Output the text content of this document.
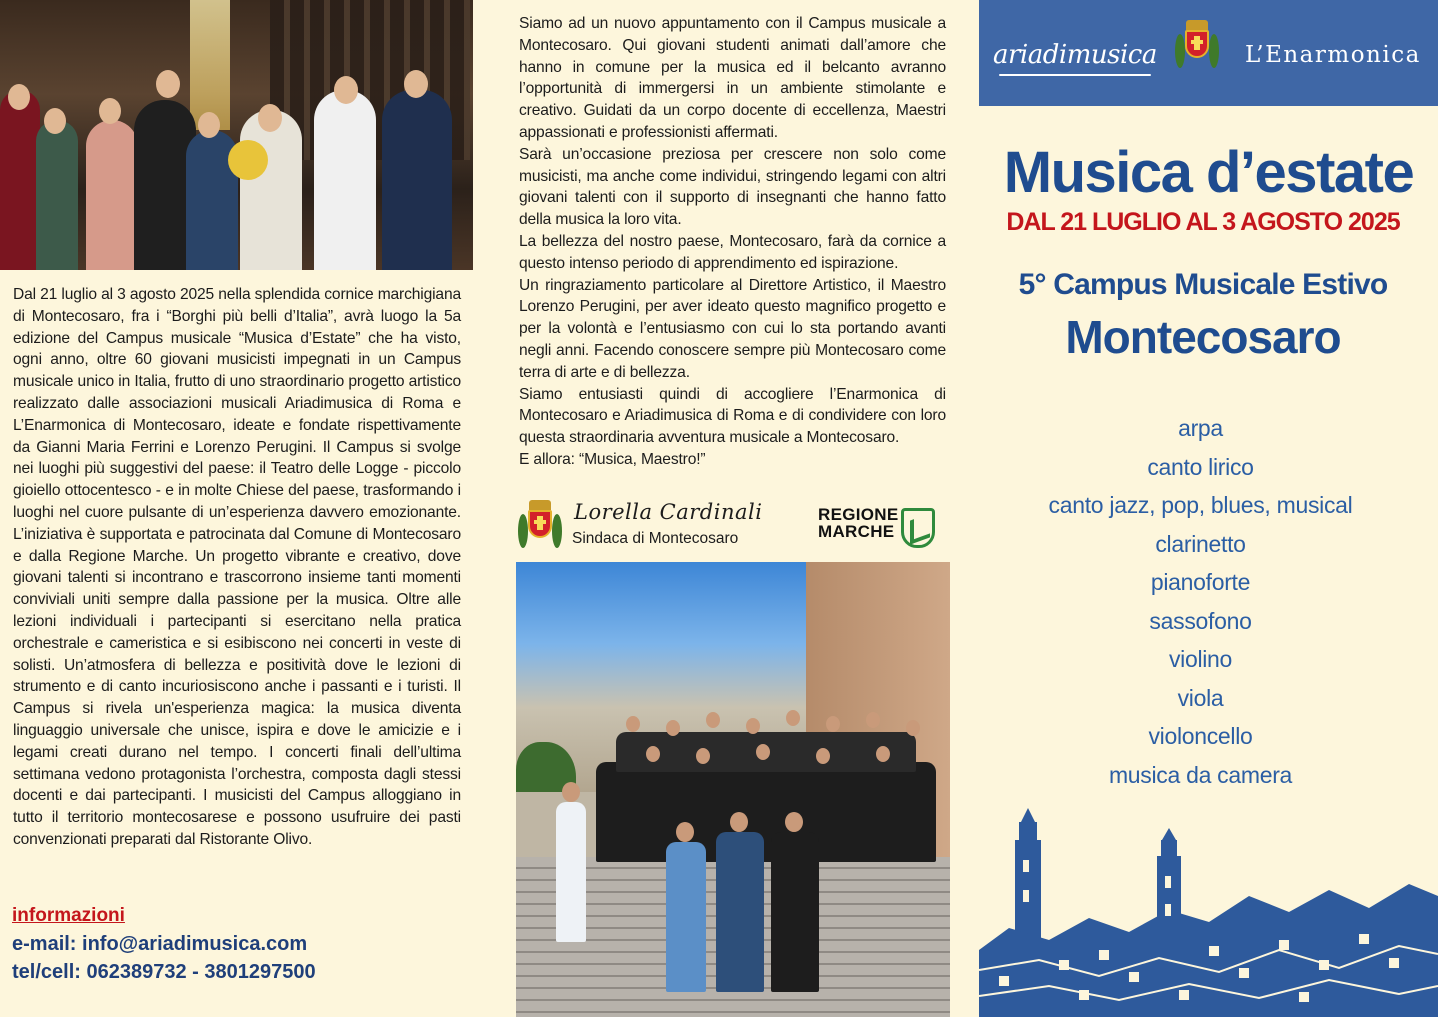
Dal 21 luglio al 3 agosto 2025 nella splendida cornice marchigiana di Montecosaro, fra i “Borghi più belli d’Italia”, avrà luogo la 5a edizione del Campus musicale “Musica d’Estate” che ha visto, ogni anno, oltre 60 giovani musicisti impegnati in un Campus musicale unico in Italia, frutto di uno straordinario progetto artistico realizzato dalle associazioni musicali Ariadimusica di Roma e L’Enarmonica di Montecosaro, ideate e fondate rispettivamente da Gianni Maria Ferrini e Lorenzo Perugini. Il Campus si svolge nei luoghi più suggestivi del paese: il Teatro delle Logge - piccolo gioiello ottocentesco - e in molte Chiese del paese, trasformando i luoghi nel cuore pulsante di un’esperienza davvero emozionante. L’iniziativa è supportata e patrocinata dal Comune di Montecosaro e dalla Regione Marche. Un progetto vibrante e creativo, dove giovani talenti si incontrano e trascorrono insieme tanti momenti conviviali uniti sempre dalla passione per la musica. Oltre alle lezioni individuali i partecipanti si esercitano nella pratica orchestrale e cameristica e si esibiscono nei concerti in veste di solisti. Un’atmosfera di bellezza e positività dove le lezioni di strumento e di canto incuriosiscono anche i passanti e i turisti. Il Campus si rivela un'esperienza magica: la musica diventa linguaggio universale che unisce, ispira e dove le amicizie e i legami creati durano nel tempo. I concerti finali dell’ultima settimana vedono protagonista l’orchestra, composta dagli stessi docenti e dai partecipanti. I musicisti del Campus alloggiano in tutto il territorio montecosarese e possono usufruire dei pasti convenzionati preparati dal Ristorante Olivo.
informazioni
e-mail: info@ariadimusica.com
tel/cell: 062389732 - 3801297500

Siamo ad un nuovo appuntamento con il Campus musicale a Montecosaro. Qui giovani studenti animati dall’amore che hanno in comune per la musica ed il belcanto avranno l’opportunità di immergersi in un ambiente stimolante e creativo. Guidati da un corpo docente di eccellenza, Maestri appassionati e professionisti affermati.

Sarà un’occasione preziosa per crescere non solo come musicisti, ma anche come individui, stringendo legami con altri giovani talenti con il supporto di insegnanti che hanno fatto della musica la loro vita.

La bellezza del nostro paese, Montecosaro, farà da cornice a questo intenso periodo di apprendimento ed ispirazione.

Un ringraziamento particolare al Direttore Artistico, il Maestro Lorenzo Perugini, per aver ideato questo magnifico progetto e per la volontà e l’entusiasmo con cui lo sta portando avanti negli anni. Facendo conoscere sempre più Montecosaro come terra di arte e di bellezza.

Siamo entusiasti quindi di accogliere l’Enarmonica di Montecosaro e Ariadimusica di Roma e di condividere con loro questa straordinaria avventura musicale a Montecosaro.

E allora: “Musica, Maestro!”

Lorella Cardinali
Sindaca di Montecosaro
REGIONE
MARCHE
ariadimusica	L’Enarmonica
Musica d’estate
DAL 21 LUGLIO AL 3 AGOSTO 2025
5° Campus Musicale Estivo
Montecosaro
arpa
canto lirico
canto jazz, pop, blues, musical
clarinetto
pianoforte
sassofono
violino
viola
violoncello
musica da camera
